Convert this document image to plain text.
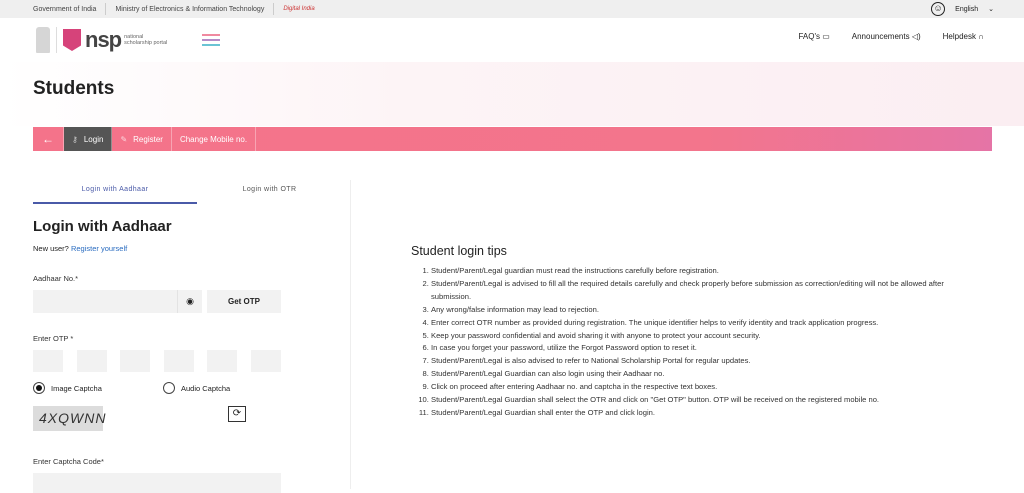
Government of India	Ministry of Electronics & Information Technology	Digital India	☺	English ⌄
nsp national scholarship portal
FAQ's ▭	Announcements ◁)	Helpdesk ∩
Students
←	⚷ Login ✎ Register Change Mobile no.
Login with Aadhaar	Login with OTR
Login with Aadhaar
New user? Register yourself
Aadhaar No.*
◉	Get OTP
Enter OTP *
Image Captcha	Audio Captcha
4XQWNN	⟳
Enter Captcha Code*
Student login tips
1. Student/Parent/Legal guardian must read the instructions carefully before registration.
2. Student/Parent/Legal is advised to fill all the required details carefully and check properly before submission as correction/editing will not be allowed after submission.
3. Any wrong/false information may lead to rejection.
4. Enter correct OTR number as provided during registration. The unique identifier helps to verify identity and track application progress.
5. Keep your password confidential and avoid sharing it with anyone to protect your account security.
6. In case you forget your password, utilize the Forgot Password option to reset it.
7. Student/Parent/Legal is also advised to refer to National Scholarship Portal for regular updates.
8. Student/Parent/Legal Guardian can also login using their Aadhaar no.
9. Click on proceed after entering Aadhaar no. and captcha in the respective text boxes.
10. Student/Parent/Legal Guardian shall select the OTR and click on "Get OTP" button. OTP will be received on the registered mobile no.
11. Student/Parent/Legal Guardian shall enter the OTP and click login.
